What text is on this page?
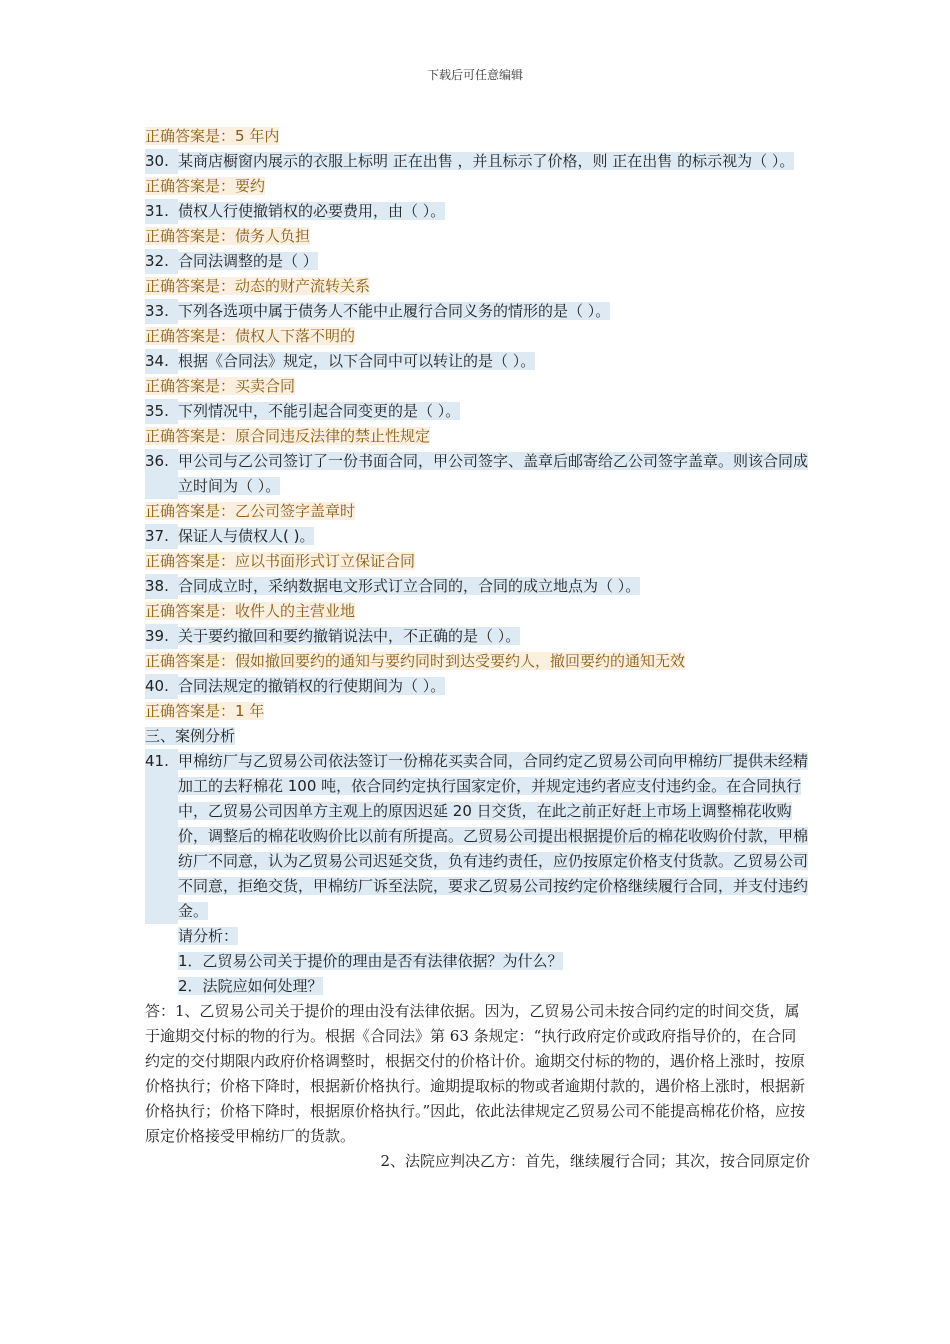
下载后可任意编辑
正确答案是：5 年内
30. 某商店橱窗内展示的衣服上标明 正在出售 ，并且标示了价格，则 正在出售 的标示视为（ ）。
正确答案是：要约
31. 债权人行使撤销权的必要费用，由（ ）。
正确答案是：债务人负担
32. 合同法调整的是（ ）
正确答案是：动态的财产流转关系
33. 下列各选项中属于债务人不能中止履行合同义务的情形的是（ ）。
正确答案是：债权人下落不明的
34. 根据《合同法》规定，以下合同中可以转让的是（ ）。
正确答案是：买卖合同
35. 下列情况中，不能引起合同变更的是（ ）。
正确答案是：原合同违反法律的禁止性规定
36. 甲公司与乙公司签订了一份书面合同，甲公司签字、盖章后邮寄给乙公司签字盖章。则该合同成立时间为（ ）。
正确答案是：乙公司签字盖章时
37. 保证人与债权人( )。
正确答案是：应以书面形式订立保证合同
38. 合同成立时，采纳数据电文形式订立合同的，合同的成立地点为（ ）。
正确答案是：收件人的主营业地
39. 关于要约撤回和要约撤销说法中，不正确的是（ ）。
正确答案是：假如撤回要约的通知与要约同时到达受要约人，撤回要约的通知无效
40. 合同法规定的撤销权的行使期间为（ ）。
正确答案是：1 年
三、案例分析
41. 甲棉纺厂与乙贸易公司依法签订一份棉花买卖合同，合同约定乙贸易公司向甲棉纺厂提供未经精加工的去籽棉花 100 吨，依合同约定执行国家定价，并规定违约者应支付违约金。在合同执行中，乙贸易公司因单方主观上的原因迟延 20 日交货，在此之前正好赶上市场上调整棉花收购价，调整后的棉花收购价比以前有所提高。乙贸易公司提出根据提价后的棉花收购价付款，甲棉纺厂不同意，认为乙贸易公司迟延交货，负有违约责任，应仍按原定价格支付货款。乙贸易公司不同意，拒绝交货，甲棉纺厂诉至法院，要求乙贸易公司按约定价格继续履行合同，并支付违约金。
请分析：
1．乙贸易公司关于提价的理由是否有法律依据？为什么？
2．法院应如何处理？
答：1、乙贸易公司关于提价的理由没有法律依据。因为，乙贸易公司未按合同约定的时间交货，属于逾期交付标的物的行为。根据《合同法》第 63 条规定：“执行政府定价或政府指导价的，在合同约定的交付期限内政府价格调整时，根据交付的价格计价。逾期交付标的物的，遇价格上涨时，按原价格执行；价格下降时，根据新价格执行。逾期提取标的物或者逾期付款的，遇价格上涨时，根据新价格执行；价格下降时，根据原价格执行。”因此，依此法律规定乙贸易公司不能提高棉花价格，应按原定价格接受甲棉纺厂的货款。
2、法院应判决乙方：首先，继续履行合同；其次，按合同原定价
